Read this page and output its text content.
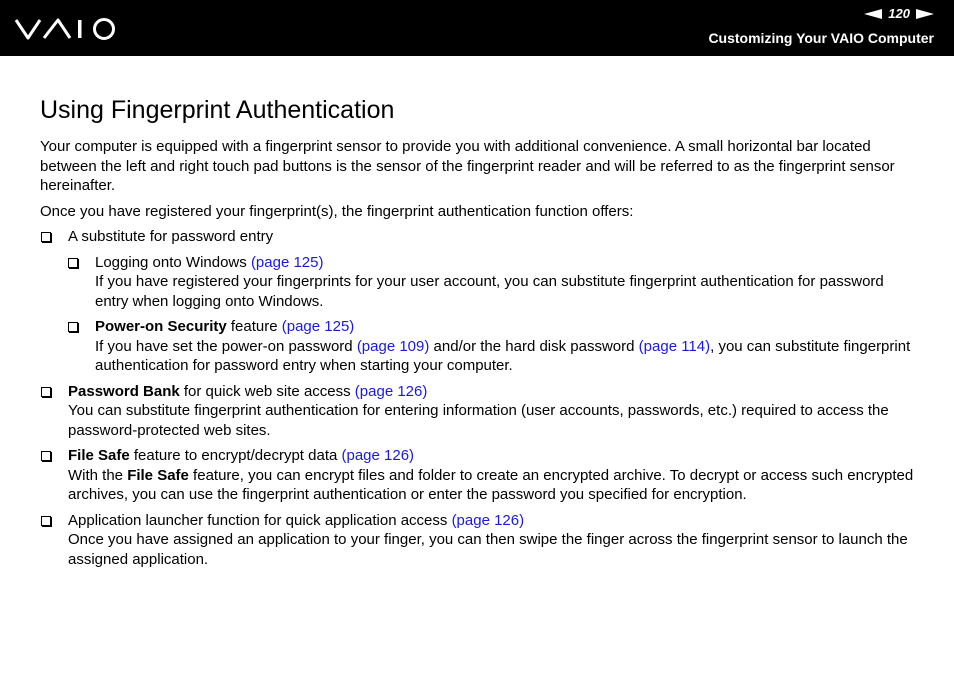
120
Customizing Your VAIO Computer
Using Fingerprint Authentication

Your computer is equipped with a fingerprint sensor to provide you with additional convenience. A small horizontal bar located between the left and right touch pad buttons is the sensor of the fingerprint reader and will be referred to as the fingerprint sensor hereinafter.

Once you have registered your fingerprint(s), the fingerprint authentication function offers:

A substitute for password entry
Logging onto Windows (page 125)
If you have registered your fingerprints for your user account, you can substitute fingerprint authentication for password entry when logging onto Windows.
Power-on Security feature (page 125)
If you have set the power-on password (page 109) and/or the hard disk password (page 114), you can substitute fingerprint authentication for password entry when starting your computer.
Password Bank for quick web site access (page 126)
You can substitute fingerprint authentication for entering information (user accounts, passwords, etc.) required to access the password-protected web sites.
File Safe feature to encrypt/decrypt data (page 126)
With the File Safe feature, you can encrypt files and folder to create an encrypted archive. To decrypt or access such encrypted archives, you can use the fingerprint authentication or enter the password you specified for encryption.
Application launcher function for quick application access (page 126)
Once you have assigned an application to your finger, you can then swipe the finger across the fingerprint sensor to launch the assigned application.
